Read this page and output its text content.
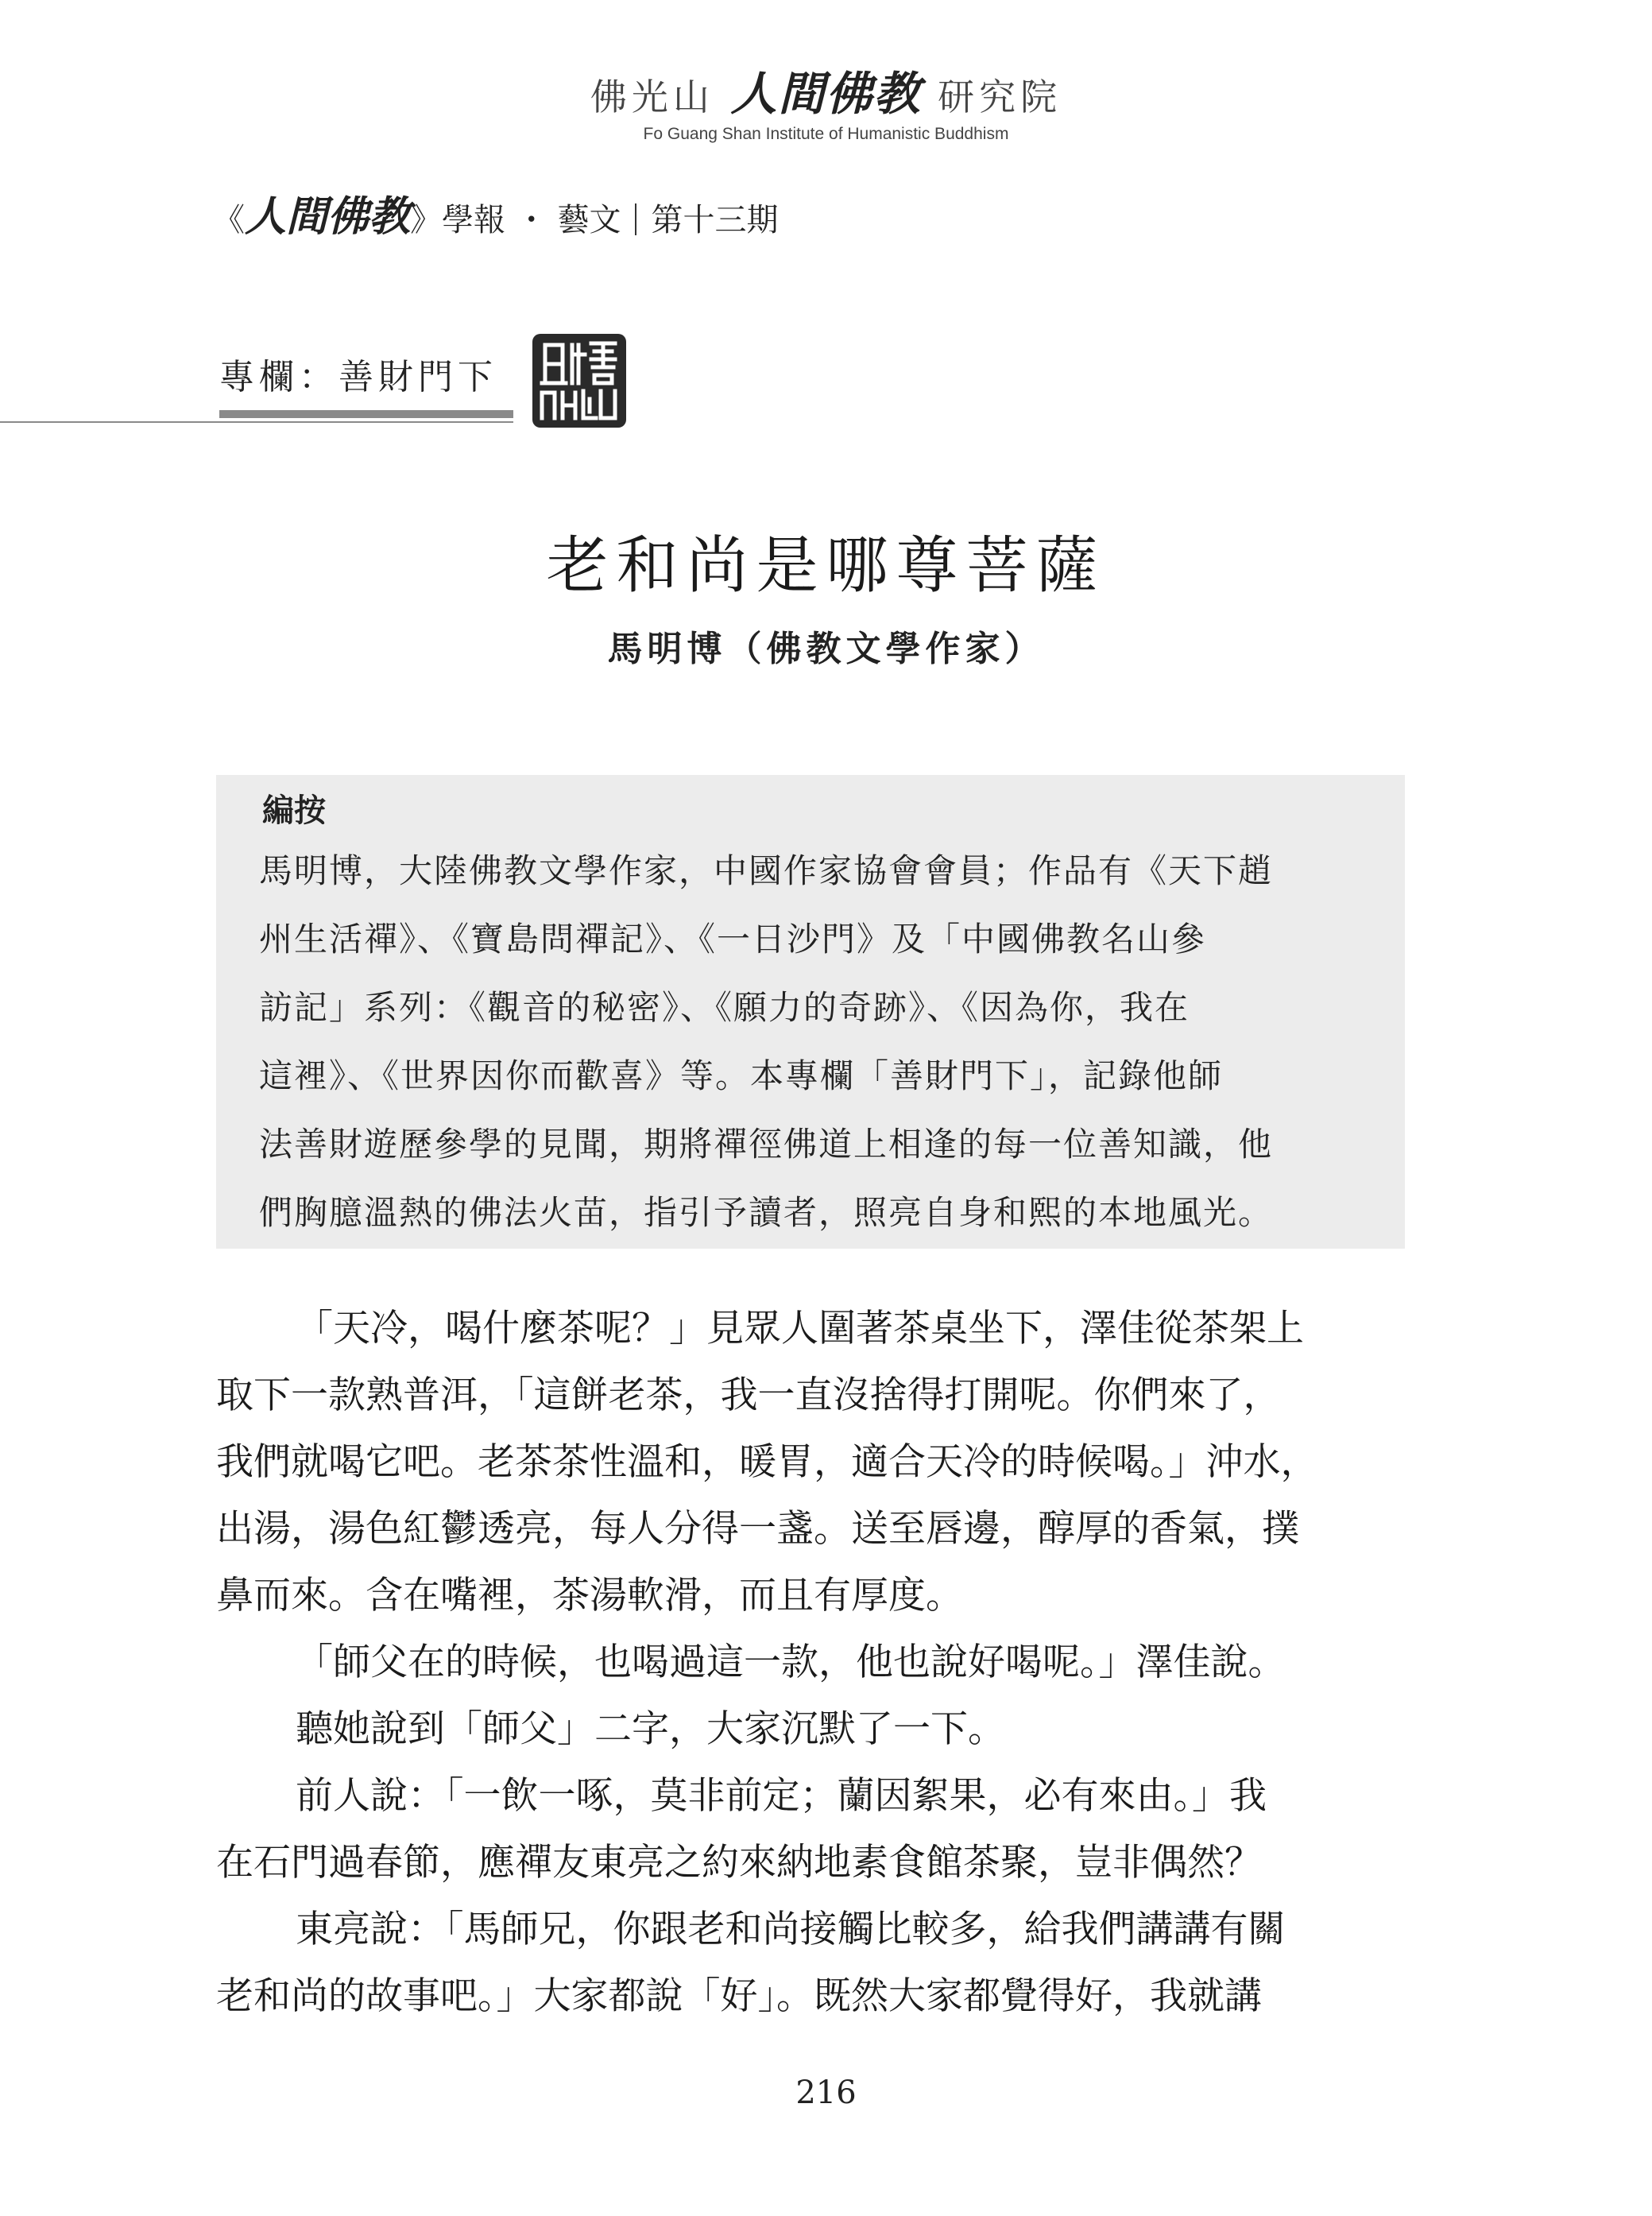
佛光山 人間佛教 研究院
Fo Guang Shan Institute of Humanistic Buddhism
《人間佛教》學報 ・ 藝文 第十三期
專欄：善財門下
老和尚是哪尊菩薩
馬明博（佛教文學作家）
編按
馬明博，大陸佛教文學作家，中國作家協會會員；作品有《天下趙
州生活禪》、《寶島問禪記》、《一日沙門》及「中國佛教名山參
訪記」系列：《觀音的秘密》、《願力的奇跡》、《因為你，我在
這裡》、《世界因你而歡喜》等。本專欄「善財門下」，記錄他師
法善財遊歷參學的見聞，期將禪徑佛道上相逢的每一位善知識，他
們胸臆溫熱的佛法火苗，指引予讀者，照亮自身和熙的本地風光。
「天冷，喝什麼茶呢？」見眾人圍著茶桌坐下，澤佳從茶架上
取下一款熟普洱，「這餅老茶，我一直沒捨得打開呢。你們來了，
我們就喝它吧。老茶茶性溫和，暖胃，適合天冷的時候喝。」沖水，
出湯，湯色紅鬱透亮，每人分得一盞。送至唇邊，醇厚的香氣，撲
鼻而來。含在嘴裡，茶湯軟滑，而且有厚度。
「師父在的時候，也喝過這一款，他也說好喝呢。」澤佳說。
聽她說到「師父」二字，大家沉默了一下。
前人說：「一飲一啄，莫非前定；蘭因絮果，必有來由。」我
在石門過春節，應禪友東亮之約來納地素食館茶聚，豈非偶然？
東亮說：「馬師兄，你跟老和尚接觸比較多，給我們講講有關
老和尚的故事吧。」大家都說「好」。既然大家都覺得好，我就講
216
